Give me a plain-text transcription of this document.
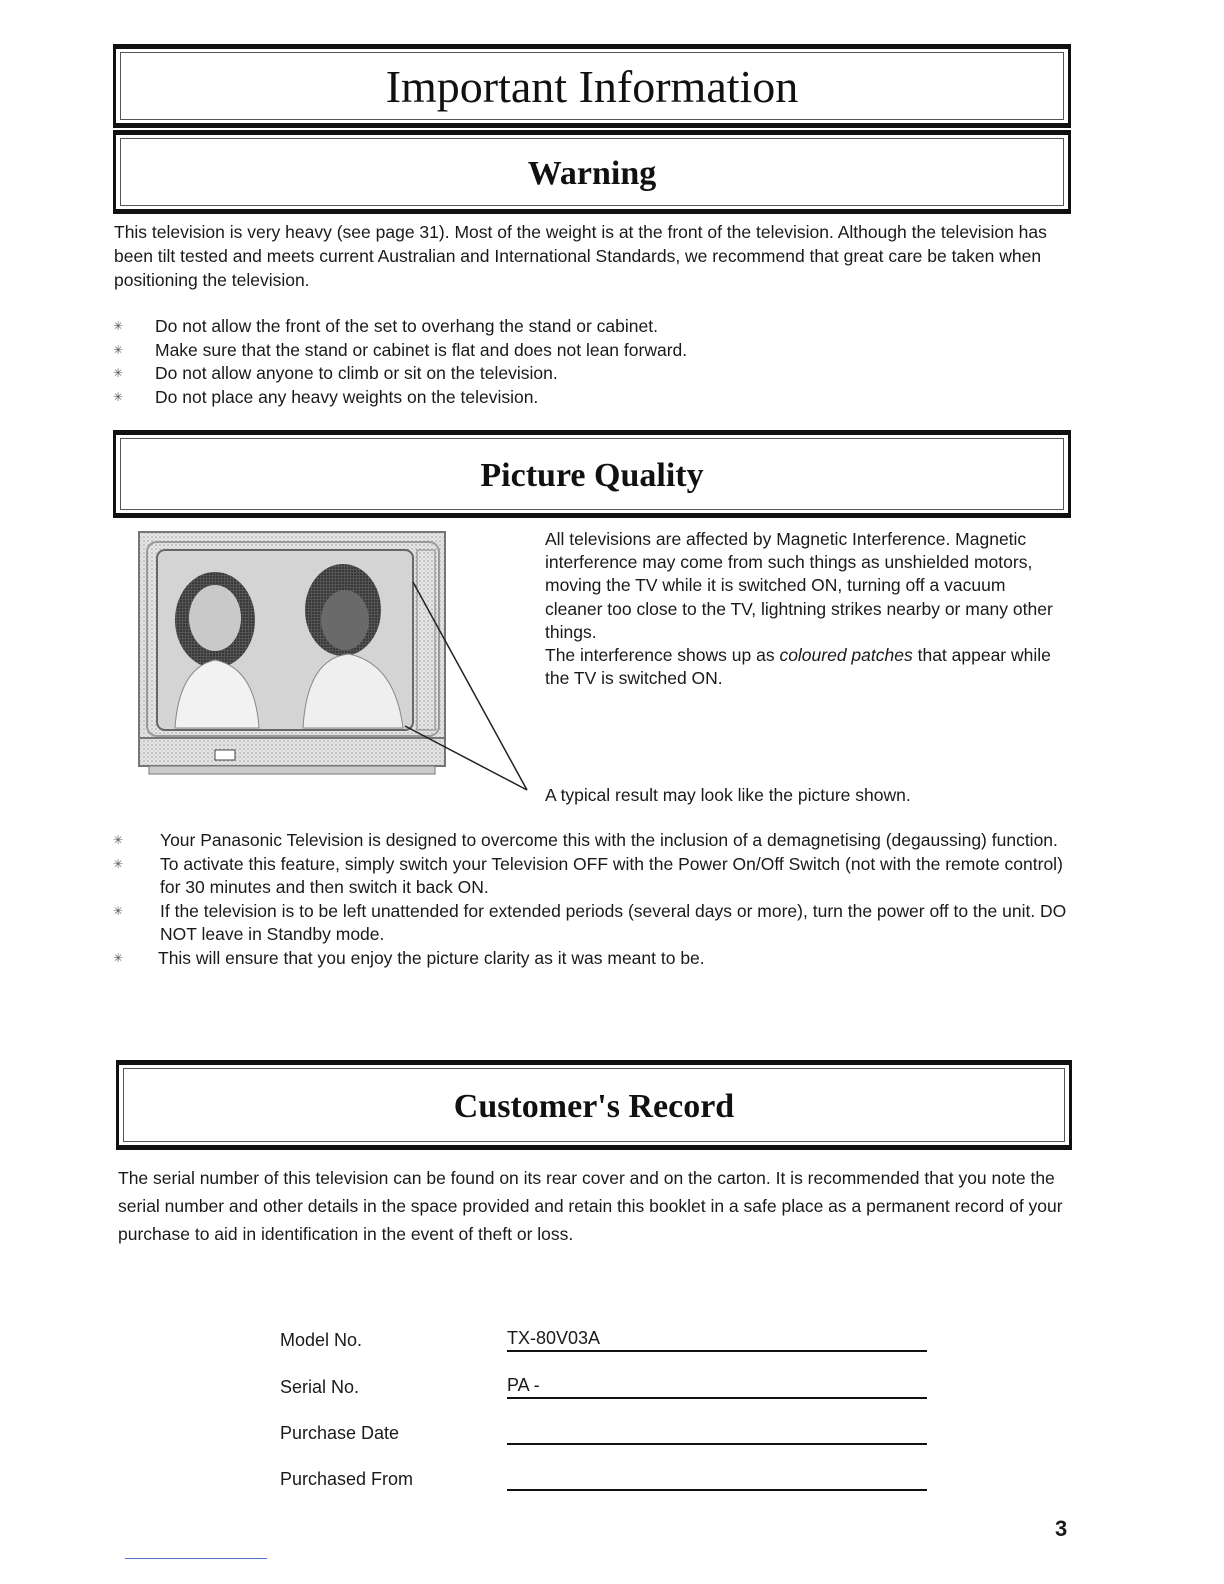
Important Information
Warning

This television is very heavy (see page 31). Most of the weight is at the front of the television. Although the television has been tilt tested and meets current Australian and International Standards, we recommend that great care be taken when positioning the television.

✳ Do not allow the front of the set to overhang the stand or cabinet.
✳ Make sure that the stand or cabinet is flat and does not lean forward.
✳ Do not allow anyone to climb or sit on the television.
✳ Do not place any heavy weights on the television.
Picture Quality

All televisions are affected by Magnetic Interference. Magnetic interference may come from such things as unshielded motors, moving the TV while it is switched ON, turning off a vacuum cleaner too close to the TV, lightning strikes nearby or many other things.
The interference shows up as coloured patches that appear while the TV is switched ON.

A typical result may look like the picture shown.

✳ Your Panasonic Television is designed to overcome this with the inclusion of a demagnetising (degaussing) function.
✳ To activate this feature, simply switch your Television OFF with the Power On/Off Switch (not with the remote control) for 30 minutes and then switch it back ON.
✳ If the television is to be left unattended for extended periods (several days or more), turn the power off to the unit. DO NOT leave in Standby mode.
✳ This will ensure that you enjoy the picture clarity as it was meant to be.
Customer's Record

The serial number of this television can be found on its rear cover and on the carton. It is recommended that you note the serial number and other details in the space provided and retain this booklet in a safe place as a permanent record of your purchase to aid in identification in the event of theft or loss.

Model No.	TX-80V03A
Serial No.	PA -
Purchase Date
Purchased From
3
